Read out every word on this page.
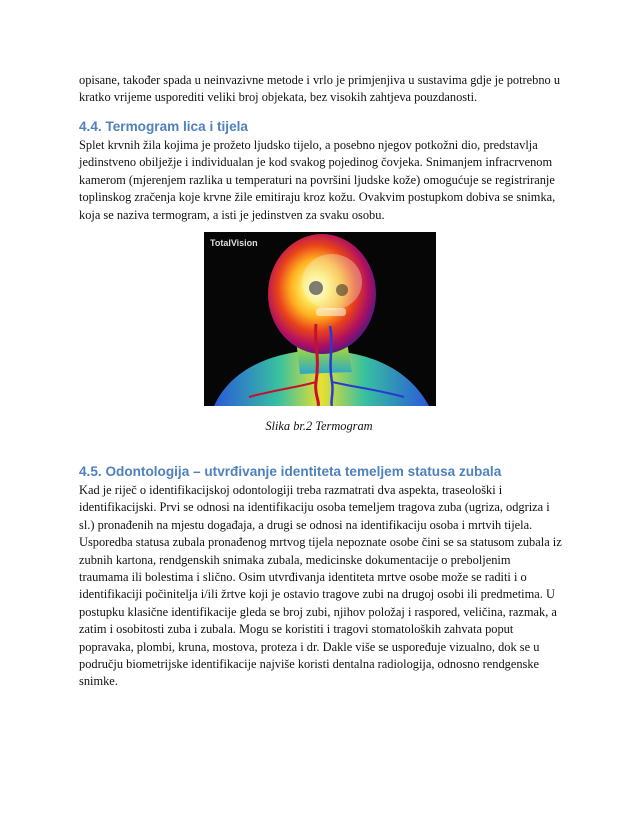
opisane, također spada u neinvazivne metode i vrlo je primjenjiva u sustavima gdje je potrebno u
kratko vrijeme usporediti veliki broj objekata, bez visokih zahtjeva pouzdanosti.
4.4. Termogram lica i tijela
Splet krvnih žila kojima je prožeto ljudsko tijelo, a posebno njegov potkožni dio, predstavlja
jedinstveno obilježje i individualan je kod svakog pojedinog čovjeka. Snimanjem infracrvenom
kamerom (mjerenjem razlika u temperaturi na površini ljudske kože) omogućuje se registriranje
toplinskog zračenja koje krvne žile emitiraju kroz kožu. Ovakvim postupkom dobiva se snimka,
koja se naziva termogram, a isti je jedinstven za svaku osobu.
TotalVision
Slika br.2 Termogram
4.5. Odontologija – utvrđivanje identiteta temeljem statusa zubala
Kad je riječ o identifikacijskoj odontologiji treba razmatrati dva aspekta, traseološki i
identifikacijski. Prvi se odnosi na identifikaciju osoba temeljem tragova zuba (ugriza, odgriza i
sl.) pronađenih na mjestu događaja, a drugi se odnosi na identifikaciju osoba i mrtvih tijela.
Usporedba statusa zubala pronađenog mrtvog tijela nepoznate osobe čini se sa statusom zubala iz
zubnih kartona, rendgenskih snimaka zubala, medicinske dokumentacije o preboljenim
traumama ili bolestima i slično. Osim utvrđivanja identiteta mrtve osobe može se raditi i o
identifikaciji počinitelja i/ili žrtve koji je ostavio tragove zubi na drugoj osobi ili predmetima. U
postupku klasične identifikacije gleda se broj zubi, njihov položaj i raspored, veličina, razmak, a
zatim i osobitosti zuba i zubala. Mogu se koristiti i tragovi stomatoloških zahvata poput
popravaka, plombi, kruna, mostova, proteza i dr. Dakle više se uspoređuje vizualno, dok se u
području biometrijske identifikacije najviše koristi dentalna radiologija, odnosno rendgenske
snimke.
